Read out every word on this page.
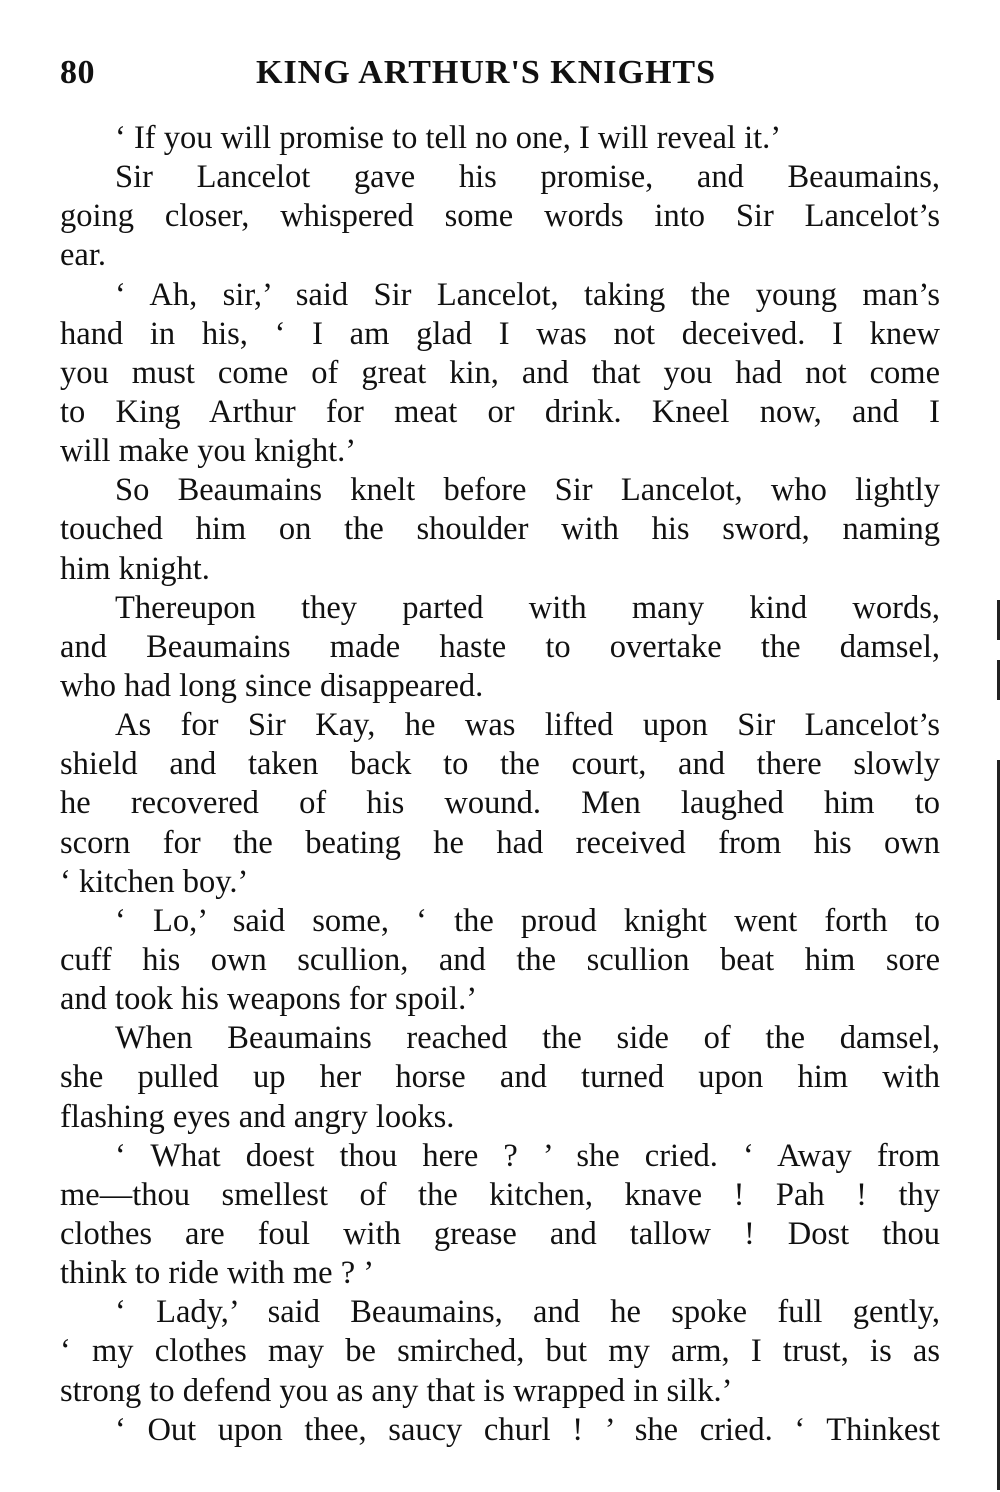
80	KING ARTHUR'S KNIGHTS
‘ If you will promise to tell no one, I will reveal it.’
Sir Lancelot gave his promise, and Beaumains,
going closer, whispered some words into Sir Lancelot’s
ear.
‘ Ah, sir,’ said Sir Lancelot, taking the young man’s
hand in his, ‘ I am glad I was not deceived. I knew
you must come of great kin, and that you had not come
to King Arthur for meat or drink. Kneel now, and I
will make you knight.’
So Beaumains knelt before Sir Lancelot, who lightly
touched him on the shoulder with his sword, naming
him knight.
Thereupon they parted with many kind words,
and Beaumains made haste to overtake the damsel,
who had long since disappeared.
As for Sir Kay, he was lifted upon Sir Lancelot’s
shield and taken back to the court, and there slowly
he recovered of his wound. Men laughed him to
scorn for the beating he had received from his own
‘ kitchen boy.’
‘ Lo,’ said some, ‘ the proud knight went forth to
cuff his own scullion, and the scullion beat him sore
and took his weapons for spoil.’
When Beaumains reached the side of the damsel,
she pulled up her horse and turned upon him with
flashing eyes and angry looks.
‘ What doest thou here ? ’ she cried. ‘ Away from
me—thou smellest of the kitchen, knave ! Pah ! thy
clothes are foul with grease and tallow ! Dost thou
think to ride with me ? ’
‘ Lady,’ said Beaumains, and he spoke full gently,
‘ my clothes may be smirched, but my arm, I trust, is as
strong to defend you as any that is wrapped in silk.’
‘ Out upon thee, saucy churl ! ’ she cried. ‘ Thinkest
